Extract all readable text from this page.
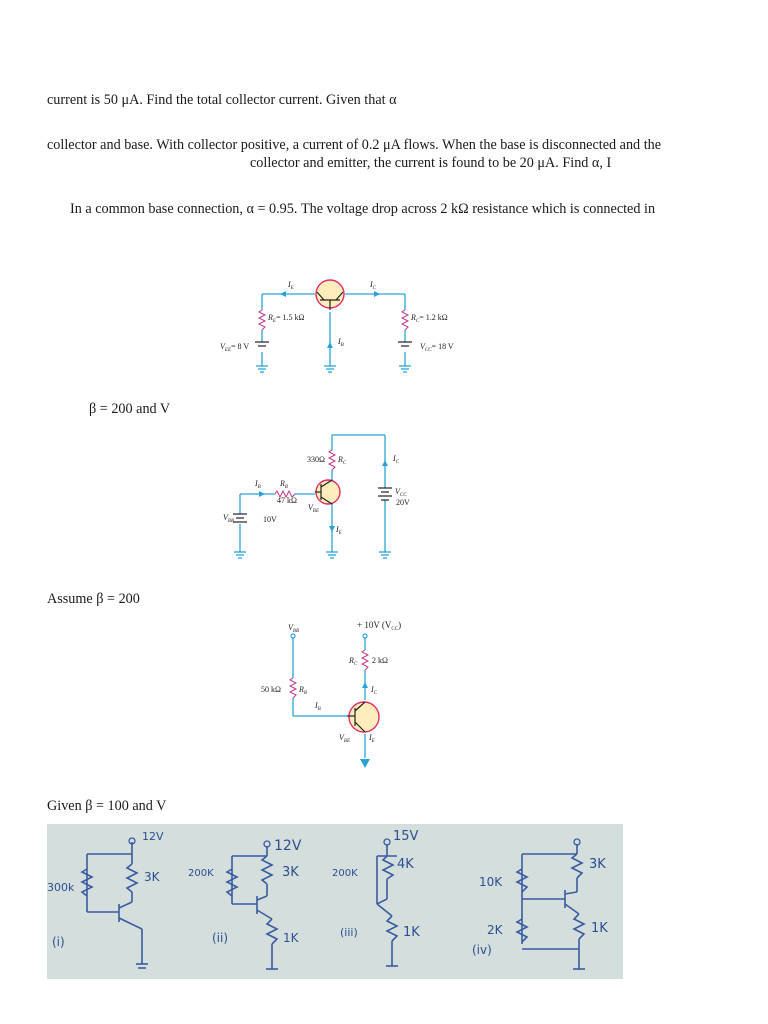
current is 50 μA. Find the total collector current. Given that α
collector and base. With collector positive, a current of 0.2 μA flows. When the base is disconnected and the
collector and emitter, the current is found to be 20 μA. Find α, I
In a common base connection, α = 0.95. The voltage drop across 2 kΩ resistance which is connected in
β = 200 and V
Assume β = 200
Given β = 100 and V
$I_E$	$I_C$
$R_E= 1.5$ kΩ	$R_C= 1.2$ kΩ
$V_{EE}= 8$ V	$V_{CC}= 18$ V
$I_B$
330Ω $R_C$
$I_C$
$I_B$ $R_B$
47 kΩ
$V_{CC}$
20V
$V_{BB}$	10V
$V_{BE}$
$I_E$
$V_{BB}$
+ 10V $(V_{CC})$
$R_C$ 2 kΩ
$I_C$
50 kΩ $R_B$
$I_B$
$V_{BE}$ $I_E$
12V
300k
3K
(i)
12V
200K	3K
1K
(ii)
15V
200K
4K
1K
(iii)
10K
3K
2K	1K
(iv)
